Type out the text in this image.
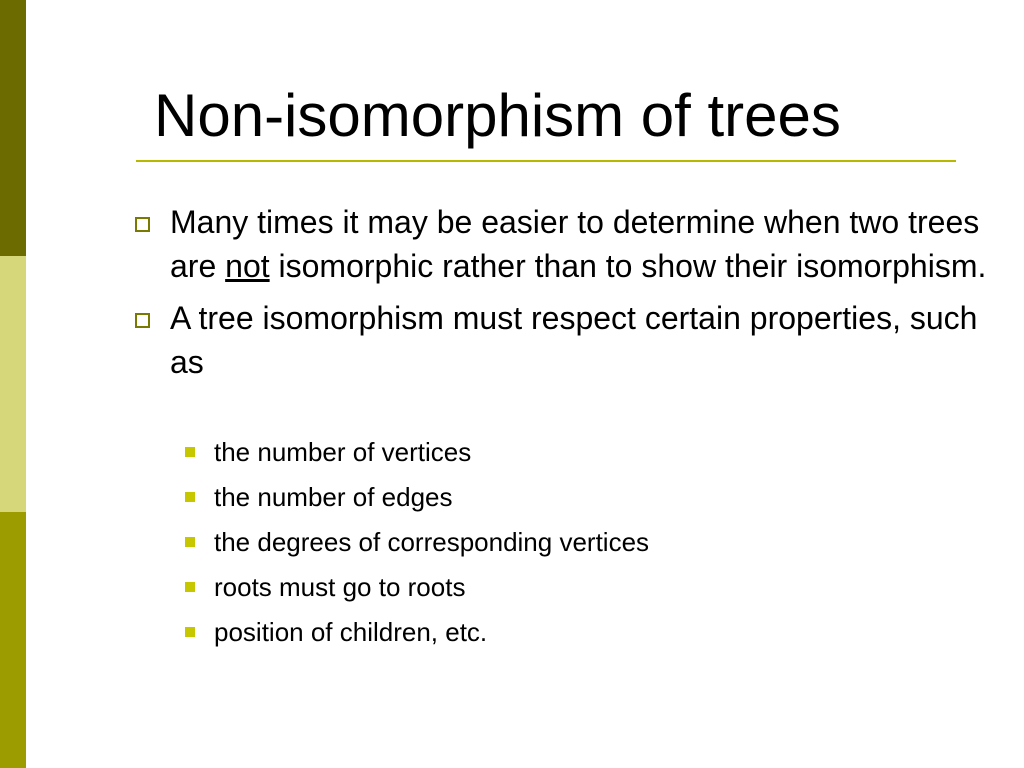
Non-isomorphism of trees
Many times it may be easier to determine when two trees are not isomorphic rather than to show their isomorphism.
A tree isomorphism must respect certain properties, such as
the number of vertices
the number of edges
the degrees of corresponding vertices
roots must go to roots
position of children, etc.
